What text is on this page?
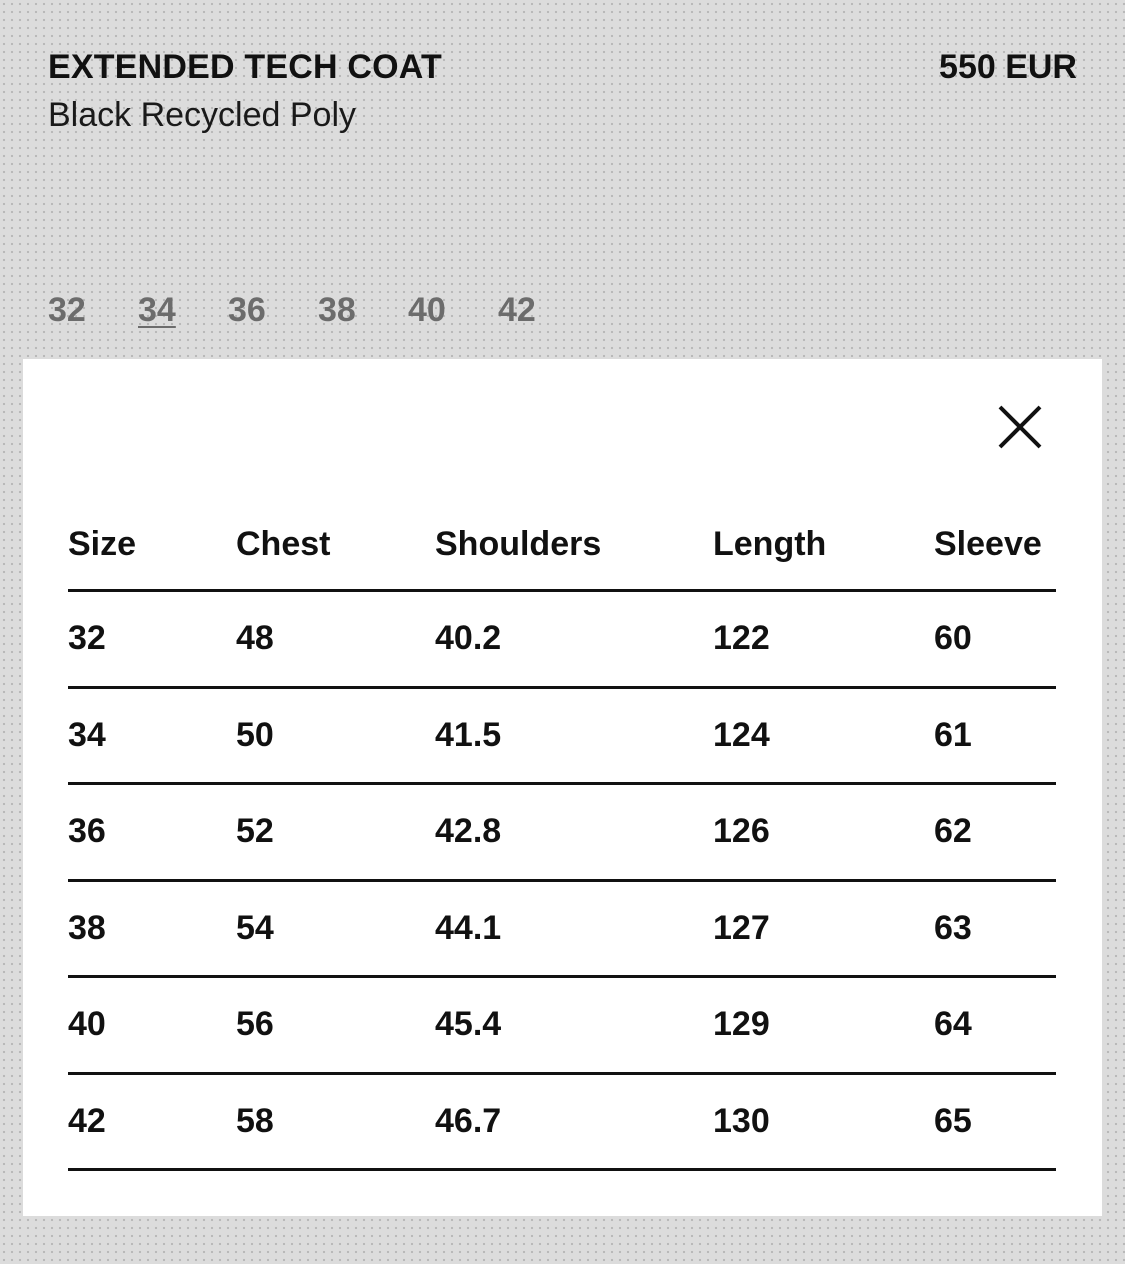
EXTENDED TECH COAT	550 EUR
Black Recycled Poly
32	34	36	38	40	42
Size	Chest	Shoulders	Length	Sleeve
32	48	40.2	122	60
34	50	41.5	124	61
36	52	42.8	126	62
38	54	44.1	127	63
40	56	45.4	129	64
42	58	46.7	130	65
